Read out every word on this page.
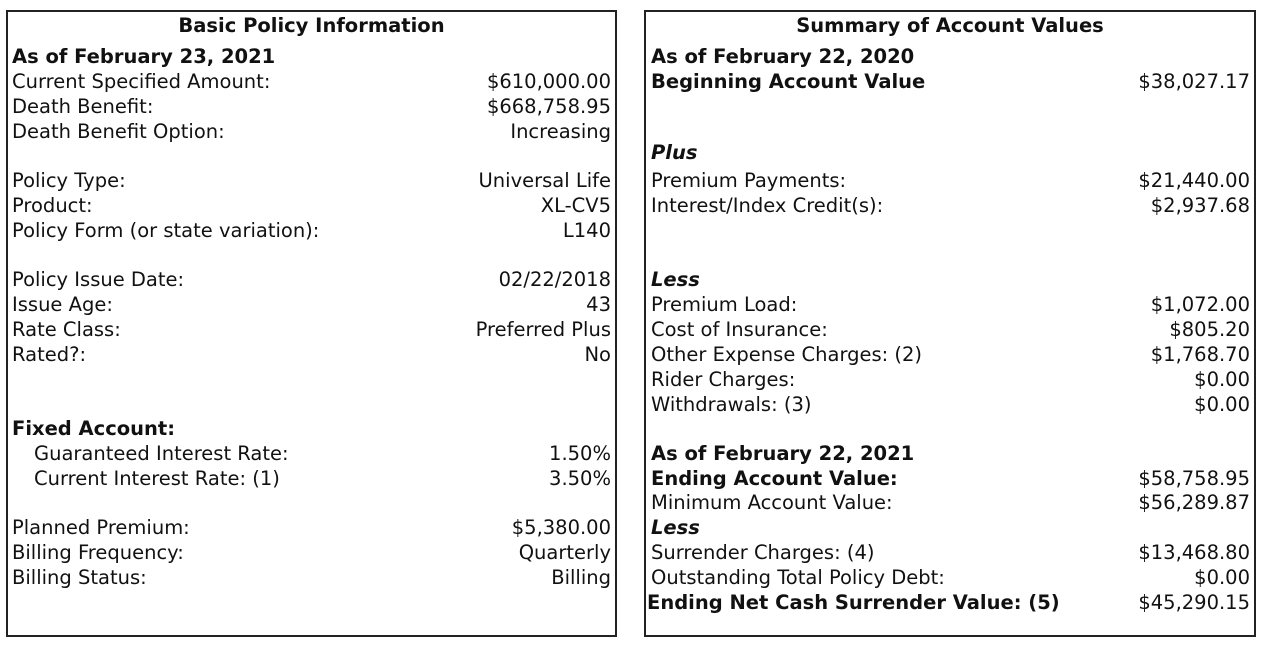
Basic Policy Information
As of February 23, 2021
Current Specified Amount:	$610,000.00
Death Benefit:	$668,758.95
Death Benefit Option:	Increasing
Policy Type:	Universal Life
Product:	XL-CV5
Policy Form (or state variation):	L140
Policy Issue Date:	02/22/2018
Issue Age:	43
Rate Class:	Preferred Plus
Rated?:	No
Fixed Account:
Guaranteed Interest Rate:	1.50%
Current Interest Rate: (1)	3.50%
Planned Premium:	$5,380.00
Billing Frequency:	Quarterly
Billing Status:	Billing
Summary of Account Values
As of February 22, 2020
Beginning Account Value	$38,027.17
Plus
Premium Payments:	$21,440.00
Interest/Index Credit(s):	$2,937.68
Less
Premium Load:	$1,072.00
Cost of Insurance:	$805.20
Other Expense Charges: (2)	$1,768.70
Rider Charges:	$0.00
Withdrawals: (3)	$0.00
As of February 22, 2021
Ending Account Value:	$58,758.95
Minimum Account Value:	$56,289.87
Less
Surrender Charges: (4)	$13,468.80
Outstanding Total Policy Debt:	$0.00
Ending Net Cash Surrender Value: (5)	$45,290.15
